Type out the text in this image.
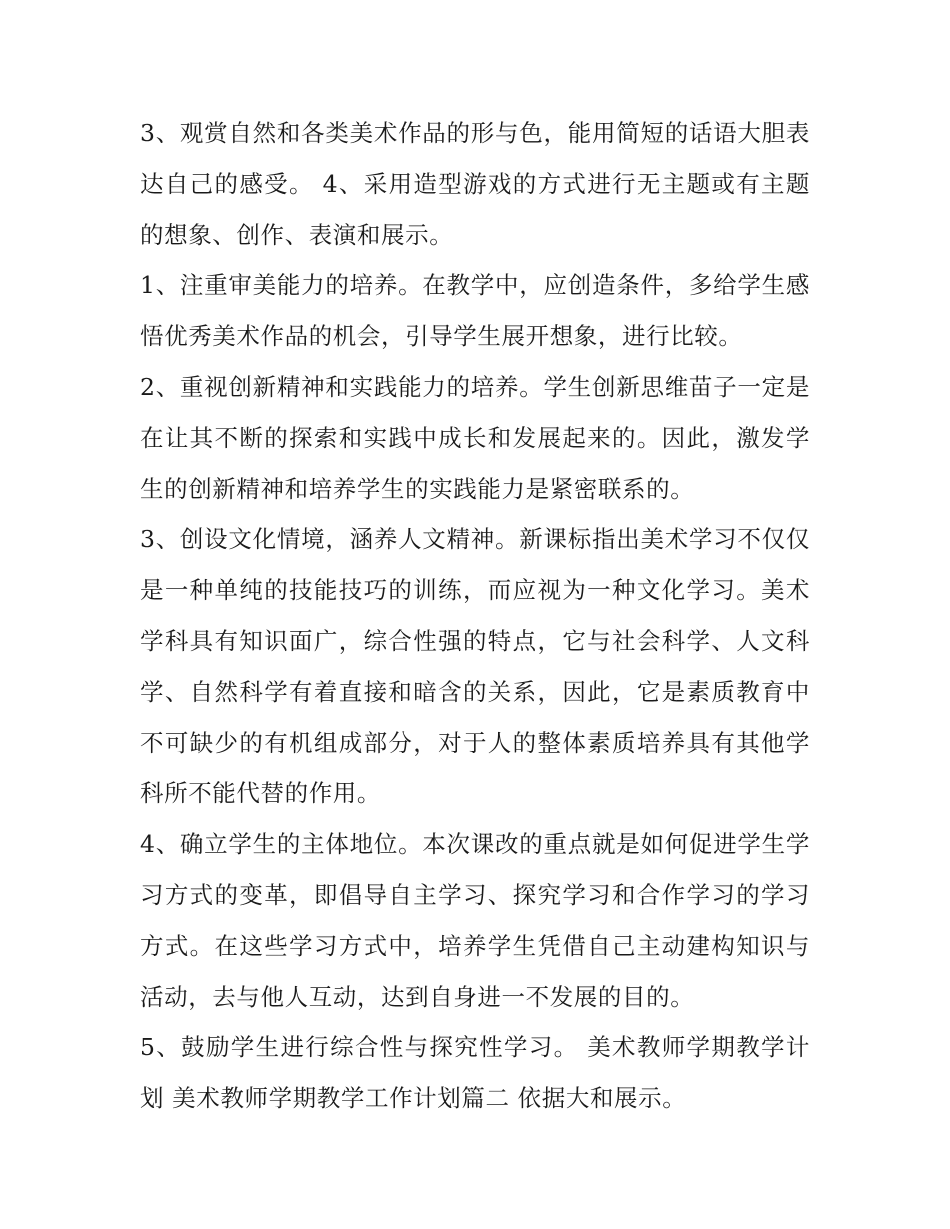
3、观赏自然和各类美术作品的形与色，能用简短的话语大胆表达自己的感受。 4、采用造型游戏的方式进行无主题或有主题的想象、创作、表演和展示。

1、注重审美能力的培养。在教学中，应创造条件，多给学生感悟优秀美术作品的机会，引导学生展开想象，进行比较。

2、重视创新精神和实践能力的培养。学生创新思维苗子一定是在让其不断的探索和实践中成长和发展起来的。因此，激发学生的创新精神和培养学生的实践能力是紧密联系的。

3、创设文化情境，涵养人文精神。新课标指出美术学习不仅仅是一种单纯的技能技巧的训练，而应视为一种文化学习。美术学科具有知识面广，综合性强的特点，它与社会科学、人文科学、自然科学有着直接和暗含的关系，因此，它是素质教育中不可缺少的有机组成部分，对于人的整体素质培养具有其他学科所不能代替的作用。

4、确立学生的主体地位。本次课改的重点就是如何促进学生学习方式的变革，即倡导自主学习、探究学习和合作学习的学习方式。在这些学习方式中，培养学生凭借自己主动建构知识与活动，去与他人互动，达到自身进一不发展的目的。

5、鼓励学生进行综合性与探究性学习。 美术教师学期教学计划 美术教师学期教学工作计划篇二 依据大和展示。
